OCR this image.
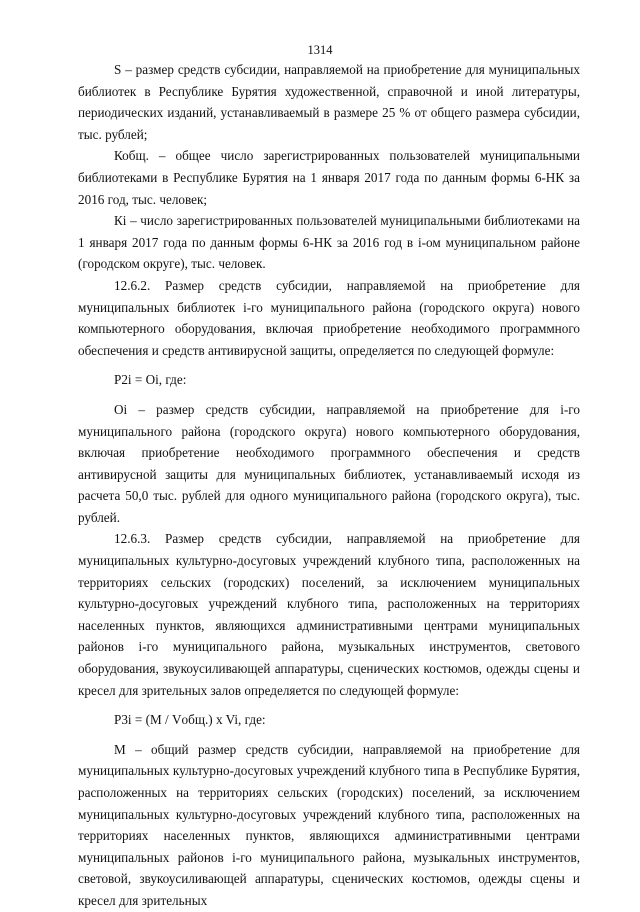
1314

S – размер средств субсидии, направляемой на приобретение для муниципальных библиотек в Республике Бурятия художественной, справочной и иной литературы, периодических изданий, устанавливаемый в размере 25 % от общего размера субсидии, тыс. рублей;

Кобщ. – общее число зарегистрированных пользователей муниципальными библиотеками в Республике Бурятия на 1 января 2017 года по данным формы 6-НК за 2016 год, тыс. человек;

Кi – число зарегистрированных пользователей муниципальными библиотеками на 1 января 2017 года по данным формы 6-НК за 2016 год в i-ом муниципальном районе (городском округе), тыс. человек.

12.6.2. Размер средств субсидии, направляемой на приобретение для муниципальных библиотек i-го муниципального района (городского округа) нового компьютерного оборудования, включая приобретение необходимого программного обеспечения и средств антивирусной защиты, определяется по следующей формуле:

Р2i = Оi, где:

Оi – размер средств субсидии, направляемой на приобретение для i-го муниципального района (городского округа) нового компьютерного оборудования, включая приобретение необходимого программного обеспечения и средств антивирусной защиты для муниципальных библиотек, устанавливаемый исходя из расчета 50,0 тыс. рублей для одного муниципального района (городского округа), тыс. рублей.

12.6.3. Размер средств субсидии, направляемой на приобретение для муниципальных культурно-досуговых учреждений клубного типа, расположенных на территориях сельских (городских) поселений, за исключением муниципальных культурно-досуговых учреждений клубного типа, расположенных на территориях населенных пунктов, являющихся административными центрами муниципальных районов i-го муниципального района, музыкальных инструментов, светового оборудования, звукоусиливающей аппаратуры, сценических костюмов, одежды сцены и кресел для зрительных залов определяется по следующей формуле:

Р3i = (М / Vобщ.) x Vi, где:

М – общий размер средств субсидии, направляемой на приобретение для муниципальных культурно-досуговых учреждений клубного типа в Республике Бурятия, расположенных на территориях сельских (городских) поселений, за исключением муниципальных культурно-досуговых учреждений клубного типа, расположенных на территориях населенных пунктов, являющихся административными центрами муниципальных районов i-го муниципального района, музыкальных инструментов, световой, звукоусиливающей аппаратуры, сценических костюмов, одежды сцены и кресел для зрительных
